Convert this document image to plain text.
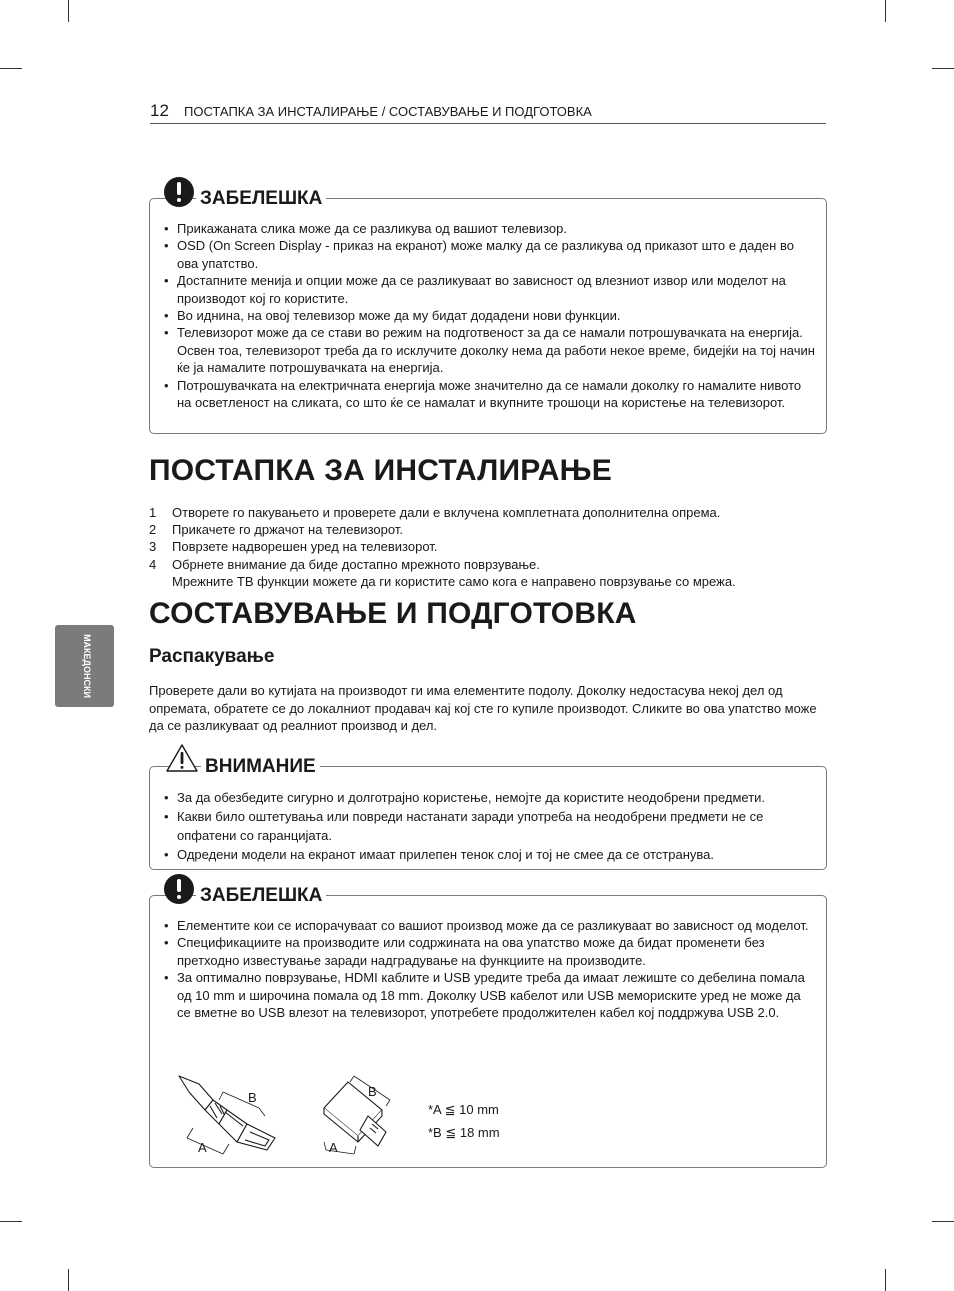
12 ПОСТАПКА ЗА ИНСТАЛИРАЊЕ / СОСТАВУВАЊЕ И ПОДГОТОВКА
МАКЕДОНСКИ
ЗАБЕЛЕШКА
• Прикажаната слика може да се разликува од вашиот телевизор.
• OSD (On Screen Display - приказ на екранот) може малку да се разликува од приказот што е даден во ова упатство.
• Достапните менија и опции може да се разликуваат во зависност од влезниот извор или моделот на производот кој го користите.
• Во иднина, на овој телевизор може да му бидат додадени нови функции.
• Телевизорот може да се стави во режим на подготвеност за да се намали потрошувачката на енергија. Освен тоа, телевизорот треба да го исклучите доколку нема да работи некое време, бидејќи на тој начин ќе ја намалите потрошувачката на енергија.
• Потрошувачката на електричната енергија може значително да се намали доколку го намалите нивото на осветленост на сликата, со што ќе се намалат и вкупните трошоци на користење на телевизорот.
ПОСТАПКА ЗА ИНСТАЛИРАЊЕ
1 Отворете го пакувањето и проверете дали е вклучена комплетната дополнителна опрема.
2 Прикачете го држачот на телевизорот.
3 Поврзете надворешен уред на телевизорот.
4 Обрнете внимание да биде достапно мрежното поврзување.
Мрежните ТВ функции можете да ги користите само кога е направено поврзување со мрежа.
СОСТАВУВАЊЕ И ПОДГОТОВКА
Распакување
Проверете дали во кутијата на производот ги има елементите подолу. Доколку недостасува некој дел од опремата, обратете се до локалниот продавач кај кој сте го купиле производот. Сликите во ова упатство може да се разликуваат од реалниот производ и дел.
ВНИМАНИЕ
• За да обезбедите сигурно и долготрајно користење, немојте да користите неодобрени предмети.
• Какви било оштетувања или повреди настанати заради употреба на неодобрени предмети не се опфатени со гаранцијата.
• Одредени модели на екранот имаат прилепен тенок слој и тој не смее да се отстранува.
ЗАБЕЛЕШКА
• Елементите кои се испорачуваат со вашиот производ може да се разликуваат во зависност од моделот.
• Спецификациите на производите или содржината на ова упатство може да бидат променети без претходно известување заради надградување на функциите на производите.
• За оптимално поврзување, HDMI каблите и USB уредите треба да имаат лежиште со дебелина помала од 10 mm и широчина помала од 18 mm. Доколку USB кабелот или USB мемориските уред не може да се вметне во USB влезот на телевизорот, употребете продолжителен кабел кој поддржува USB 2.0.
B
A
B
A
*A ≦ 10 mm
*B ≦ 18 mm
